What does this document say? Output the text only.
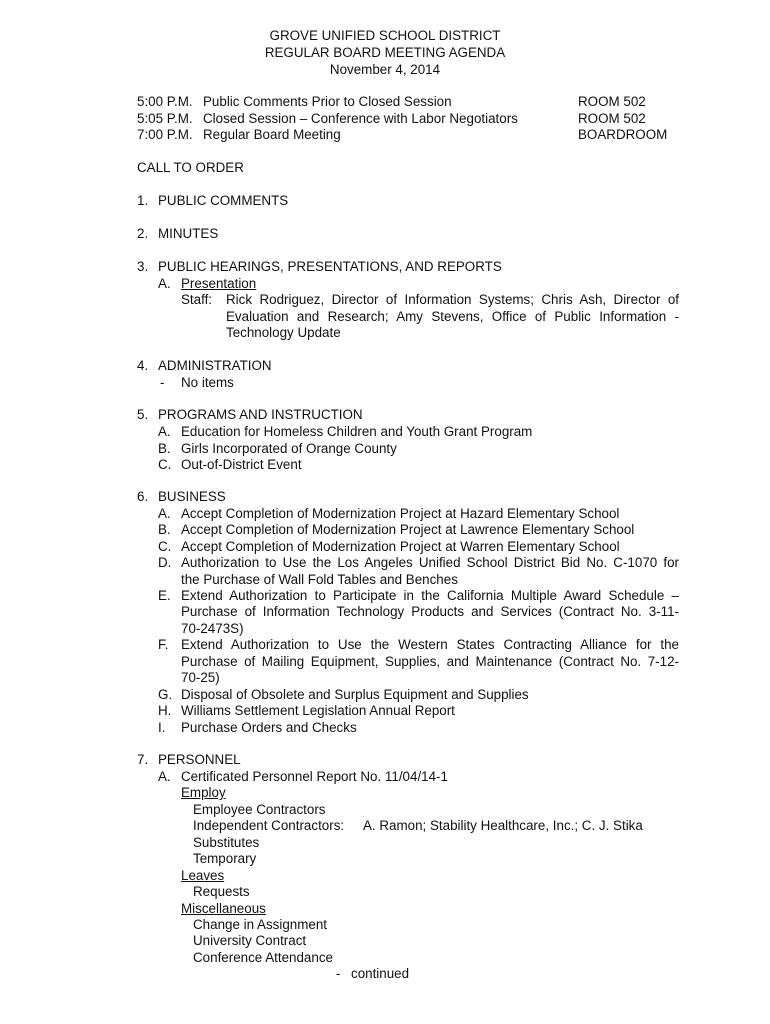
GROVE UNIFIED SCHOOL DISTRICT
REGULAR BOARD MEETING AGENDA
November 4, 2014
5:00 P.M. Public Comments Prior to Closed Session	ROOM 502
5:05 P.M. Closed Session – Conference with Labor Negotiators	ROOM 502
7:00 P.M. Regular Board Meeting	BOARDROOM
CALL TO ORDER
1. PUBLIC COMMENTS
2. MINUTES
3. PUBLIC HEARINGS, PRESENTATIONS, AND REPORTS
A. Presentation
Staff: Rick Rodriguez, Director of Information Systems; Chris Ash, Director of
Evaluation and Research; Amy Stevens, Office of Public Information -
Technology Update
4. ADMINISTRATION
- No items
5. PROGRAMS AND INSTRUCTION
A. Education for Homeless Children and Youth Grant Program
B. Girls Incorporated of Orange County
C. Out-of-District Event
6. BUSINESS
A. Accept Completion of Modernization Project at Hazard Elementary School
B. Accept Completion of Modernization Project at Lawrence Elementary School
C. Accept Completion of Modernization Project at Warren Elementary School
D. Authorization to Use the Los Angeles Unified School District Bid No. C-1070 for
the Purchase of Wall Fold Tables and Benches
E. Extend Authorization to Participate in the California Multiple Award Schedule –
Purchase of Information Technology Products and Services (Contract No. 3-11-
70-2473S)
F. Extend Authorization to Use the Western States Contracting Alliance for the
Purchase of Mailing Equipment, Supplies, and Maintenance (Contract No. 7-12-
70-25)
G. Disposal of Obsolete and Surplus Equipment and Supplies
H. Williams Settlement Legislation Annual Report
I. Purchase Orders and Checks
7. PERSONNEL
A. Certificated Personnel Report No. 11/04/14-1
Employ
Employee Contractors
Independent Contractors: A. Ramon; Stability Healthcare, Inc.; C. J. Stika
Substitutes
Temporary
Leaves
Requests
Miscellaneous
Change in Assignment
University Contract
Conference Attendance
- continued
